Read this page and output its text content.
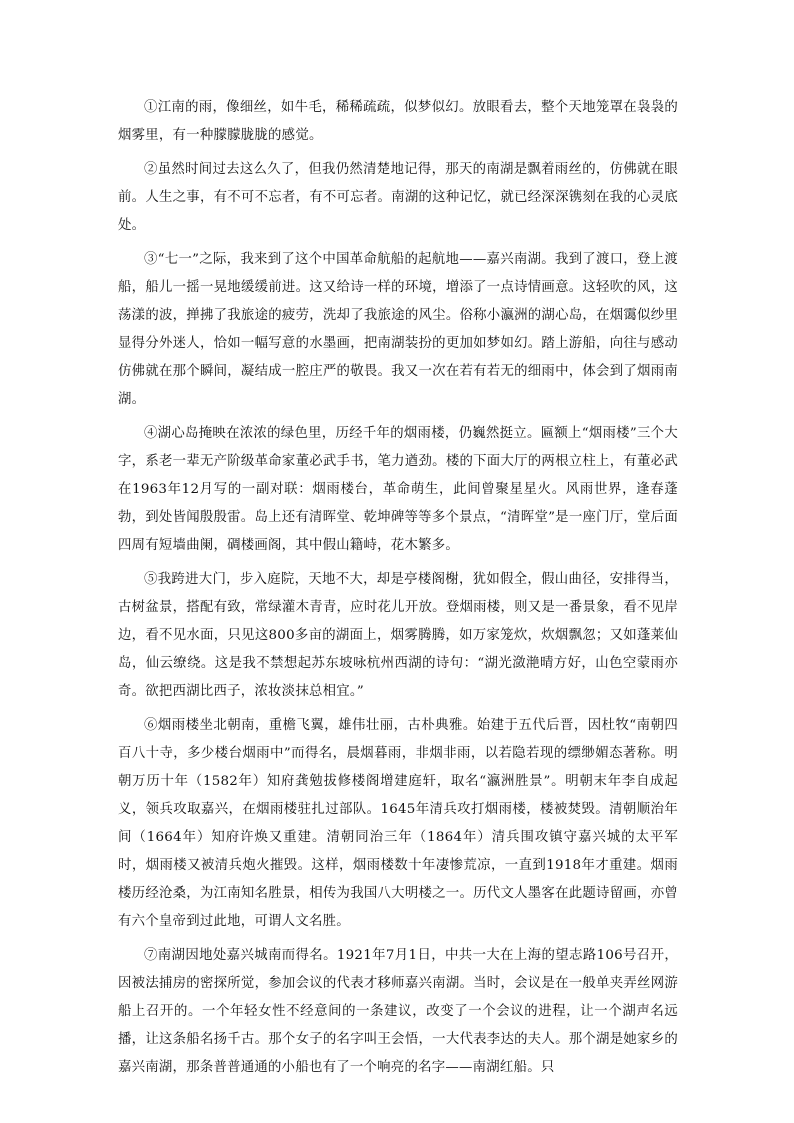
①江南的雨，像细丝，如牛毛，稀稀疏疏，似梦似幻。放眼看去，整个天地笼罩在袅袅的烟雾里，有一种朦朦胧胧的感觉。

②虽然时间过去这么久了，但我仍然清楚地记得，那天的南湖是飘着雨丝的，仿佛就在眼前。人生之事，有不可不忘者，有不可忘者。南湖的这种记忆，就已经深深镌刻在我的心灵底处。

③“七一”之际，我来到了这个中国革命航船的起航地——嘉兴南湖。我到了渡口，登上渡船，船儿一摇一晃地缓缓前进。这又给诗一样的环境，增添了一点诗情画意。这轻吹的风，这荡漾的波，掸拂了我旅途的疲劳，洗却了我旅途的风尘。俗称小瀛洲的湖心岛，在烟霭似纱里显得分外迷人，恰如一幅写意的水墨画，把南湖装扮的更加如梦如幻。踏上游船，向往与感动仿佛就在那个瞬间，凝结成一腔庄严的敬畏。我又一次在若有若无的细雨中，体会到了烟雨南湖。

④湖心岛掩映在浓浓的绿色里，历经千年的烟雨楼，仍巍然挺立。匾额上“烟雨楼”三个大字，系老一辈无产阶级革命家董必武手书，笔力遒劲。楼的下面大厅的两根立柱上，有董必武在1963年12月写的一副对联：烟雨楼台，革命萌生，此间曾聚星星火。风雨世界，逢春蓬勃，到处皆闻殷殷雷。岛上还有清晖堂、乾坤碑等等多个景点，“清晖堂”是一座门厅，堂后面四周有短墙曲阑，碉楼画阁，其中假山籍峙，花木繁多。

⑤我跨进大门，步入庭院，天地不大，却是亭楼阁榭，犹如假全，假山曲径，安排得当，古树盆景，搭配有致，常绿灌木青青，应时花儿开放。登烟雨楼，则又是一番景象，看不见岸边，看不见水面，只见这800多亩的湖面上，烟雾腾腾，如万家笼炊，炊烟飘忽；又如蓬莱仙岛，仙云缭绕。这是我不禁想起苏东坡咏杭州西湖的诗句：“湖光潋滟晴方好，山色空蒙雨亦奇。欲把西湖比西子，浓妆淡抹总相宜。”

⑥烟雨楼坐北朝南，重檐飞翼，雄伟壮丽，古朴典雅。始建于五代后晋，因杜牧“南朝四百八十寺，多少楼台烟雨中”而得名，晨烟暮雨，非烟非雨，以若隐若现的缥缈媚态著称。明朝万历十年（1582年）知府龚勉拔修楼阁增建庭轩，取名“瀛洲胜景”。明朝末年李自成起义，领兵攻取嘉兴，在烟雨楼驻扎过部队。1645年清兵攻打烟雨楼，楼被焚毁。清朝顺治年间（1664年）知府许焕又重建。清朝同治三年（1864年）清兵围攻镇守嘉兴城的太平军时，烟雨楼又被清兵炮火摧毁。这样，烟雨楼数十年凄惨荒凉，一直到1918年才重建。烟雨楼历经沧桑，为江南知名胜景，相传为我国八大明楼之一。历代文人墨客在此题诗留画，亦曾有六个皇帝到过此地，可谓人文名胜。

⑦南湖因地处嘉兴城南而得名。1921年7月1日，中共一大在上海的望志路106号召开，因被法捕房的密探所觉，参加会议的代表才移师嘉兴南湖。当时，会议是在一般单夹弄丝网游船上召开的。一个年轻女性不经意间的一条建议，改变了一个会议的进程，让一个湖声名远播，让这条船名扬千古。那个女子的名字叫王会悟，一大代表李达的夫人。那个湖是她家乡的嘉兴南湖，那条普普通通的小船也有了一个响亮的名字——南湖红船。只
